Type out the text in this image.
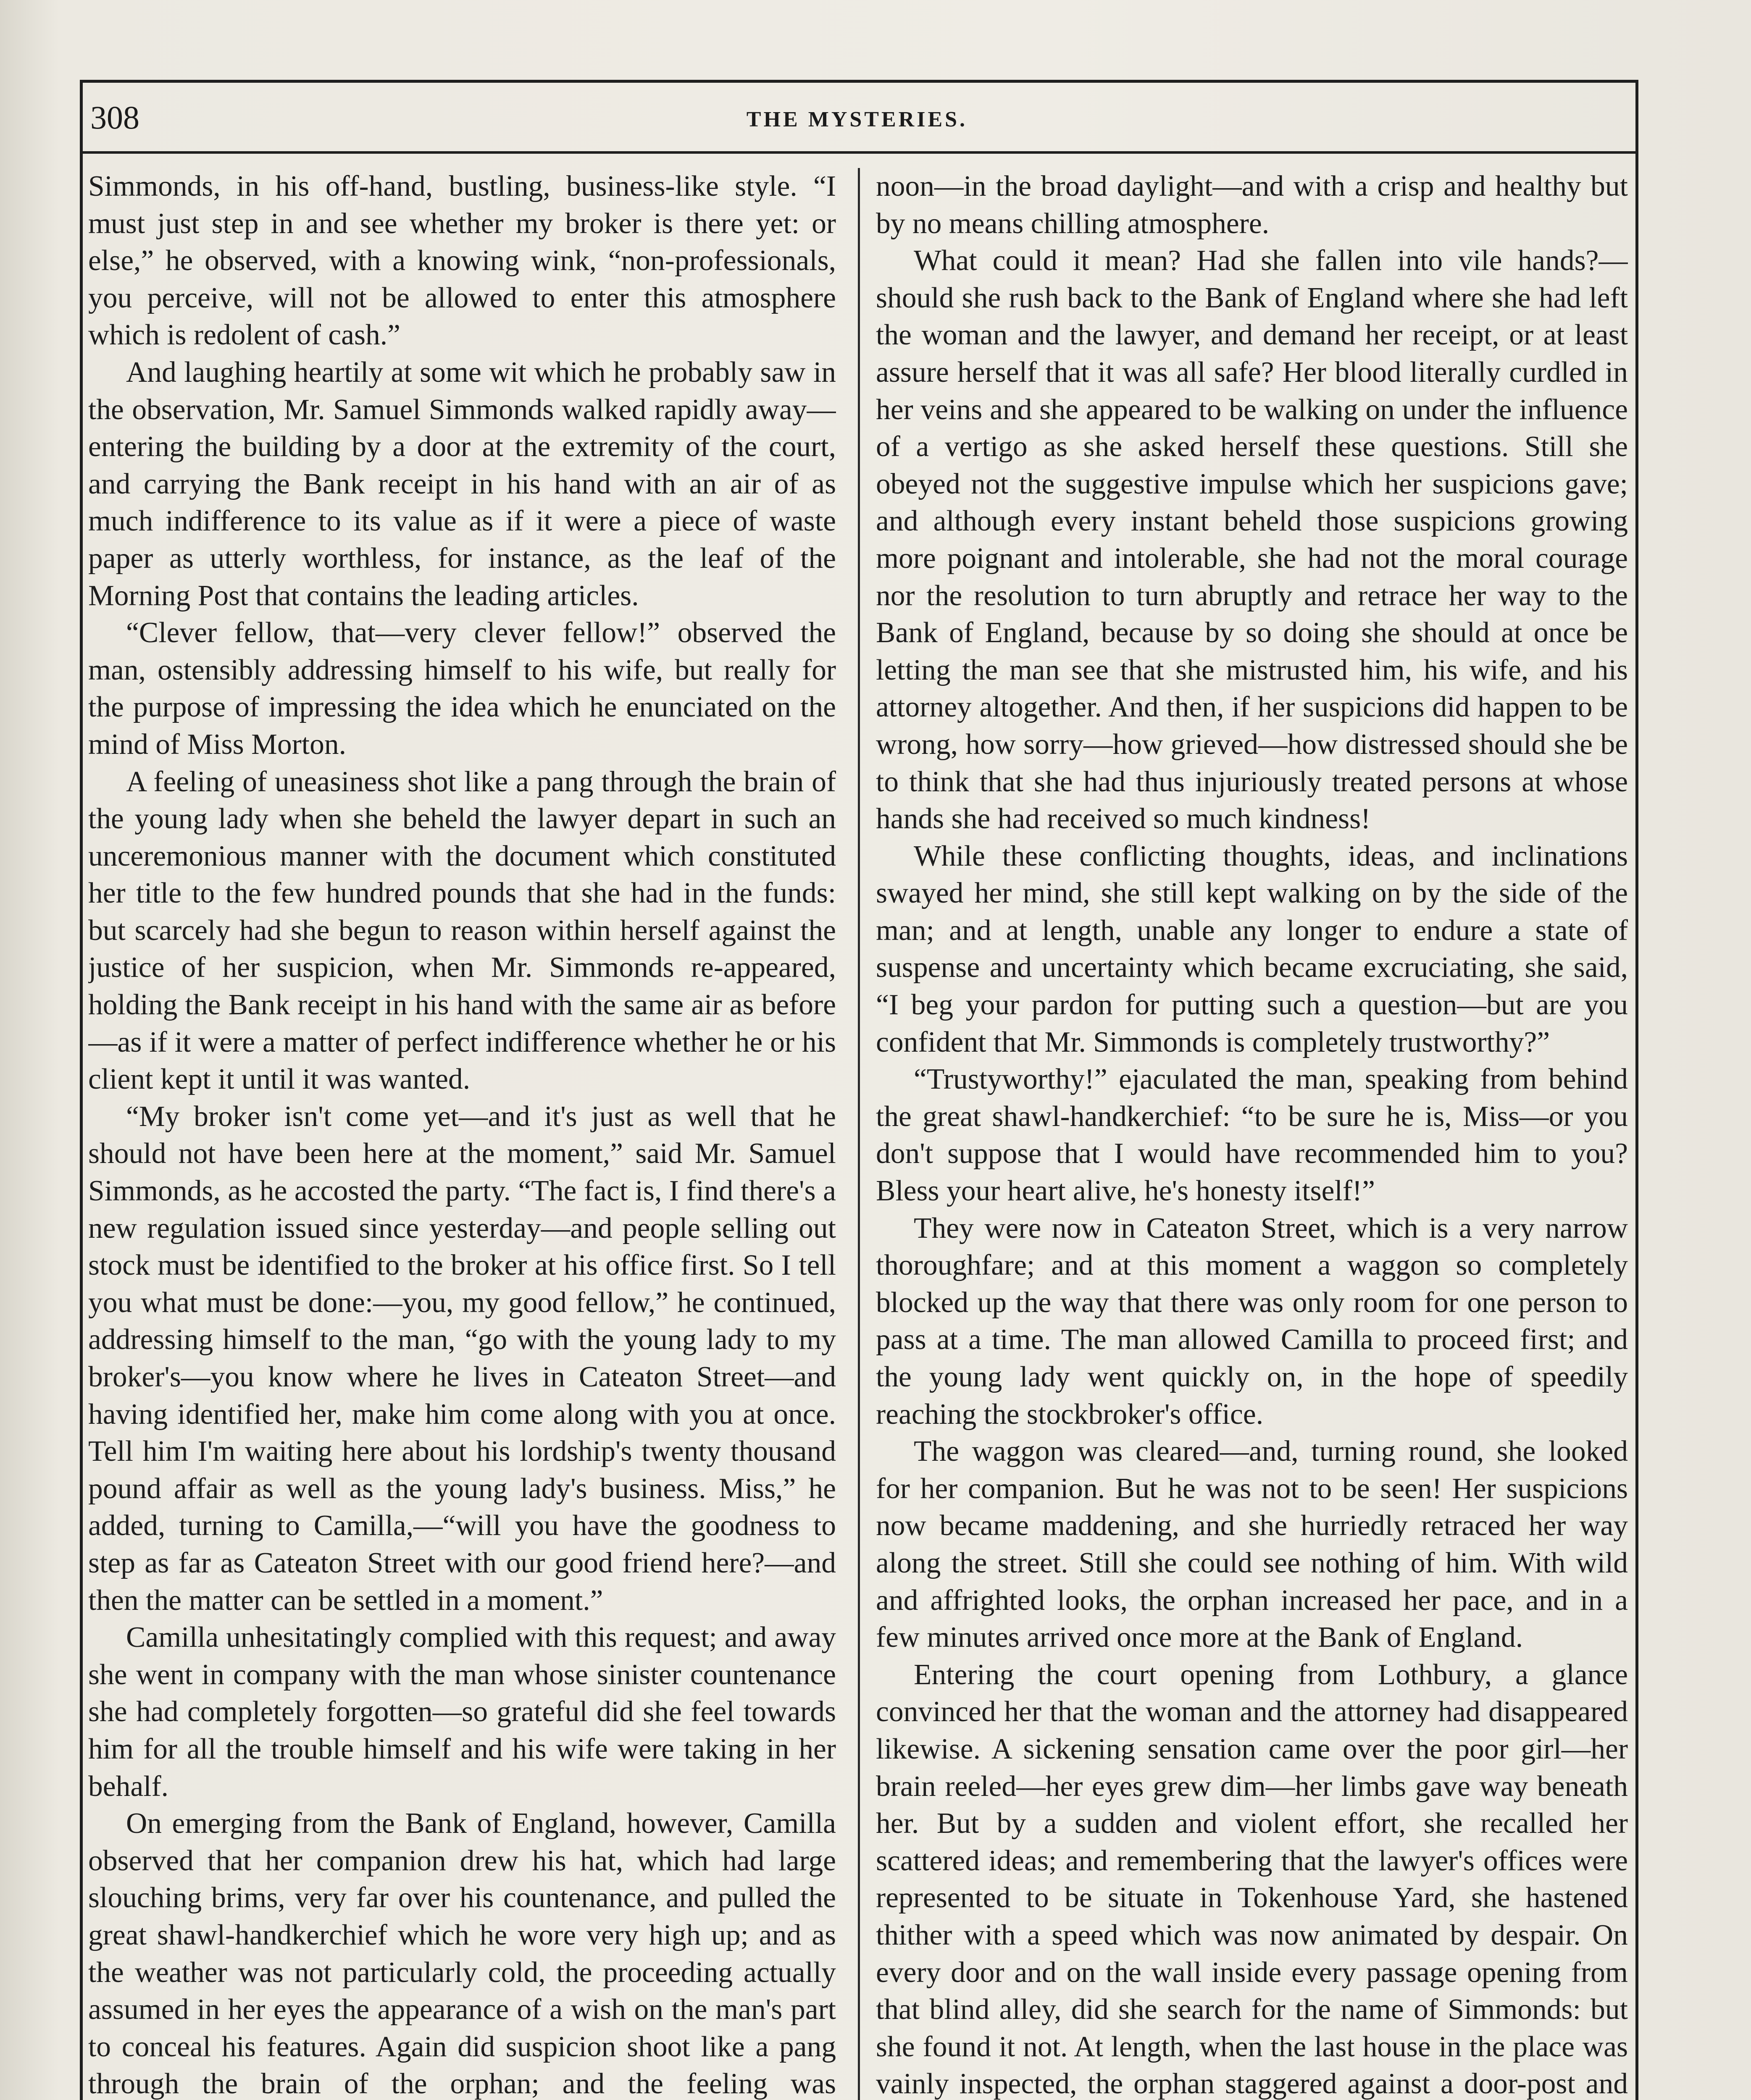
308	THE MYSTERIES.

Simmonds, in his off-hand, bustling, business-like style. “I must just step in and see whether my broker is there yet: or else,” he observed, with a knowing wink, “non-professionals, you perceive, will not be allowed to enter this atmosphere which is redolent of cash.”

And laughing heartily at some wit which he probably saw in the observation, Mr. Samuel Simmonds walked rapidly away—entering the building by a door at the extremity of the court, and carrying the Bank receipt in his hand with an air of as much indifference to its value as if it were a piece of waste paper as utterly worthless, for instance, as the leaf of the Morning Post that contains the leading articles.

“Clever fellow, that—very clever fellow!” observed the man, ostensibly addressing himself to his wife, but really for the purpose of impressing the idea which he enunciated on the mind of Miss Morton.

A feeling of uneasiness shot like a pang through the brain of the young lady when she beheld the lawyer depart in such an unceremonious manner with the document which constituted her title to the few hundred pounds that she had in the funds: but scarcely had she begun to reason within herself against the justice of her suspicion, when Mr. Simmonds re-appeared, holding the Bank receipt in his hand with the same air as before—as if it were a matter of perfect indifference whether he or his client kept it until it was wanted.

“My broker isn't come yet—and it's just as well that he should not have been here at the moment,” said Mr. Samuel Simmonds, as he accosted the party. “The fact is, I find there's a new regulation issued since yesterday—and people selling out stock must be identified to the broker at his office first. So I tell you what must be done:—you, my good fellow,” he continued, addressing himself to the man, “go with the young lady to my broker's—you know where he lives in Cateaton Street—and having identified her, make him come along with you at once. Tell him I'm waiting here about his lordship's twenty thousand pound affair as well as the young lady's business. Miss,” he added, turning to Camilla,—“will you have the goodness to step as far as Cateaton Street with our good friend here?—and then the matter can be settled in a moment.”

Camilla unhesitatingly complied with this request; and away she went in company with the man whose sinister countenance she had completely forgotten—so grateful did she feel towards him for all the trouble himself and his wife were taking in her behalf.

On emerging from the Bank of England, however, Camilla observed that her companion drew his hat, which had large slouching brims, very far over his countenance, and pulled the great shawl-handkerchief which he wore very high up; and as the weather was not particularly cold, the proceeding actually assumed in her eyes the appearance of a wish on the man's part to conceal his features. Again did suspicion shoot like a pang through the brain of the orphan; and the feeling was

noon—in the broad daylight—and with a crisp and healthy but by no means chilling atmosphere.

What could it mean? Had she fallen into vile hands?—should she rush back to the Bank of England where she had left the woman and the lawyer, and demand her receipt, or at least assure herself that it was all safe? Her blood literally curdled in her veins and she appeared to be walking on under the influence of a vertigo as she asked herself these questions. Still she obeyed not the suggestive impulse which her suspicions gave; and although every instant beheld those suspicions growing more poignant and intolerable, she had not the moral courage nor the resolution to turn abruptly and retrace her way to the Bank of England, because by so doing she should at once be letting the man see that she mistrusted him, his wife, and his attorney altogether. And then, if her suspicions did happen to be wrong, how sorry—how grieved—how distressed should she be to think that she had thus injuriously treated persons at whose hands she had received so much kindness!

While these conflicting thoughts, ideas, and inclinations swayed her mind, she still kept walking on by the side of the man; and at length, unable any longer to endure a state of suspense and uncertainty which became excruciating, she said, “I beg your pardon for putting such a question—but are you confident that Mr. Simmonds is completely trustworthy?”

“Trustyworthy!” ejaculated the man, speaking from behind the great shawl-handkerchief: “to be sure he is, Miss—or you don't suppose that I would have recommended him to you? Bless your heart alive, he's honesty itself!”

They were now in Cateaton Street, which is a very narrow thoroughfare; and at this moment a waggon so completely blocked up the way that there was only room for one person to pass at a time. The man allowed Camilla to proceed first; and the young lady went quickly on, in the hope of speedily reaching the stockbroker's office.

The waggon was cleared—and, turning round, she looked for her companion. But he was not to be seen! Her suspicions now became maddening, and she hurriedly retraced her way along the street. Still she could see nothing of him. With wild and affrighted looks, the orphan increased her pace, and in a few minutes arrived once more at the Bank of England.

Entering the court opening from Lothbury, a glance convinced her that the woman and the attorney had disappeared likewise. A sickening sensation came over the poor girl—her brain reeled—her eyes grew dim—her limbs gave way beneath her. But by a sudden and violent effort, she recalled her scattered ideas; and remembering that the lawyer's offices were represented to be situate in Tokenhouse Yard, she hastened thither with a speed which was now animated by despair. On every door and on the wall inside every passage opening from that blind alley, did she search for the name of Simmonds: but she found it not. At length, when the last house in the place was vainly inspected, the orphan staggered against a door-post and
